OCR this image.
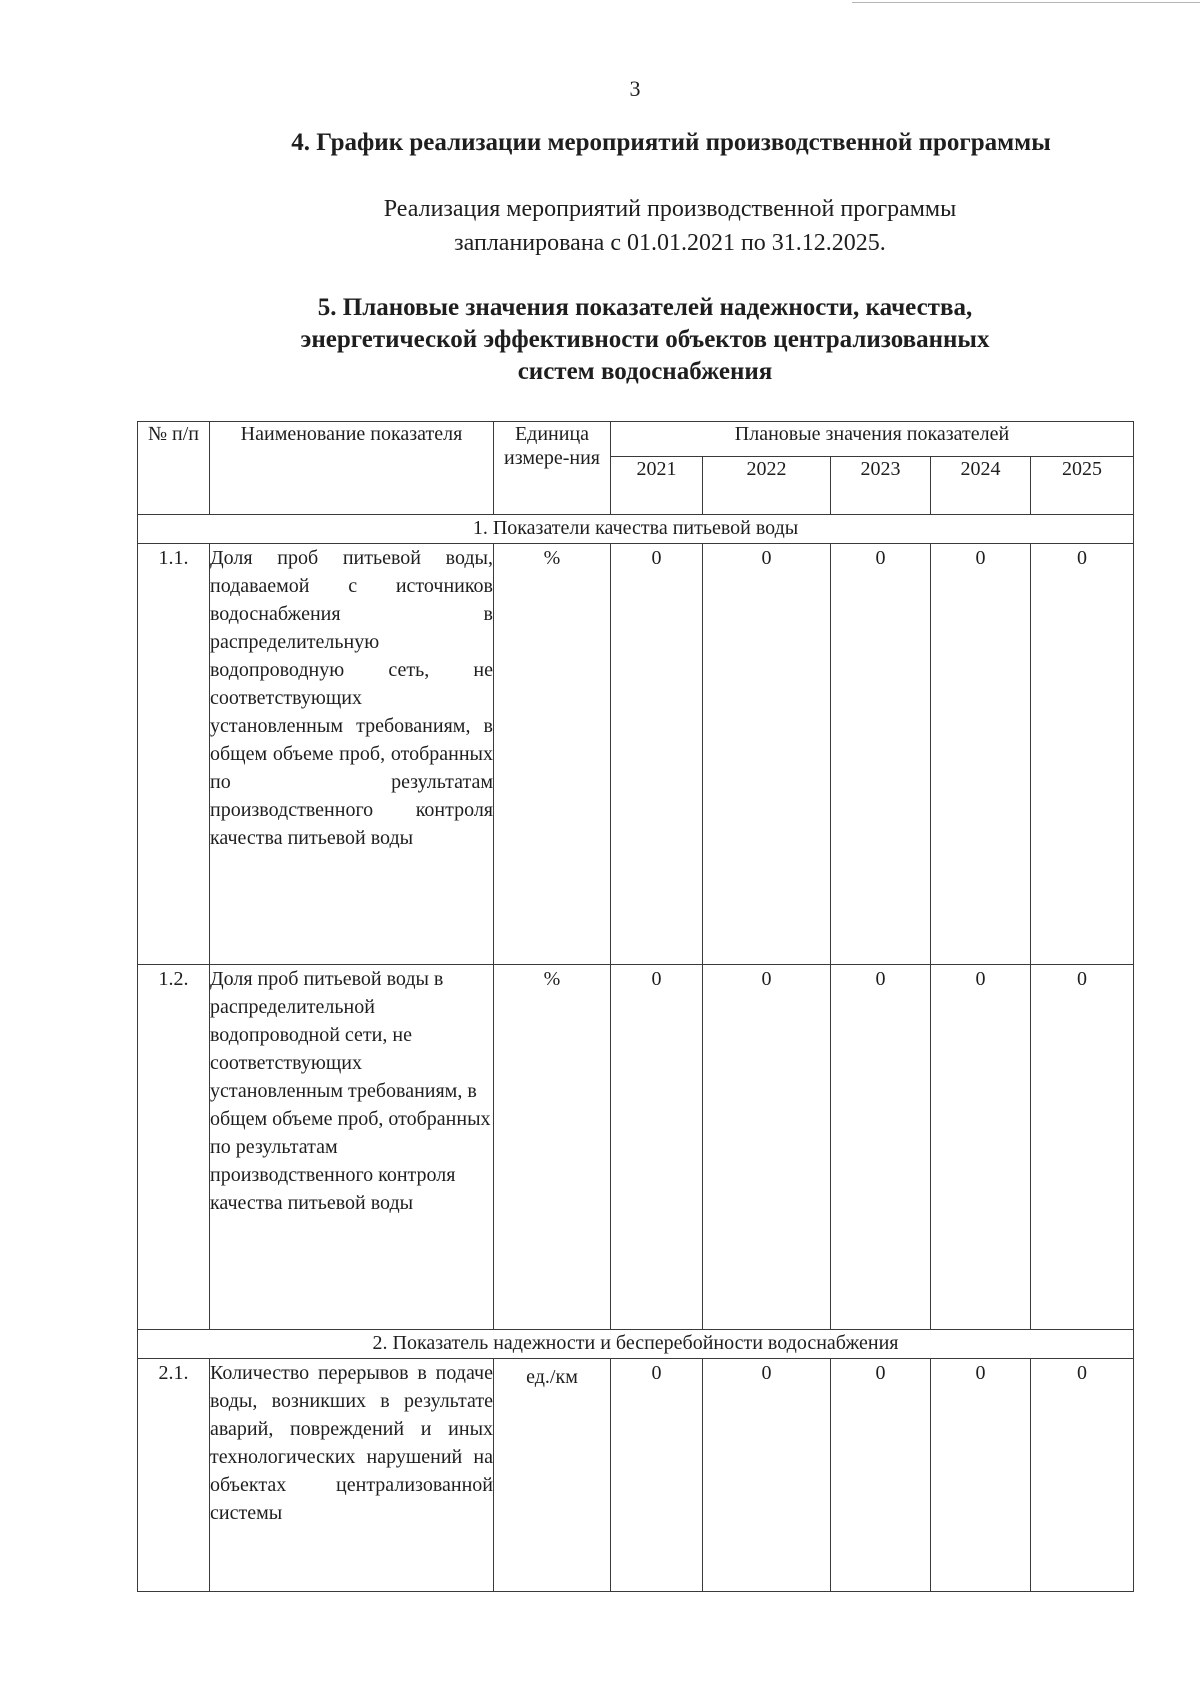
3
4. График реализации мероприятий производственной программы

Реализация мероприятий производственной программы
запланирована с 01.01.2021 по 31.12.2025.

5. Плановые значения показателей надежности, качества,
энергетической эффективности объектов централизованных
систем водоснабжения
№ п/п	Наименование показателя	Единица измере-ния	Плановые значения показателей				
			2021	2022	2023	2024	2025
1. Показатели качества питьевой воды							
1.1.	Доля проб питьевой воды, подаваемой с источников водоснабжения в распределительную водопроводную сеть, не соответствующих установленным требованиям, в общем объеме проб, отобранных по результатам производственного контроля качества питьевой воды	%	0	0	0	0	0
1.2.	Доля проб питьевой воды в распределительной водопроводной сети, не соответствующих установленным требованиям, в общем объеме проб, отобранных по результатам производственного контроля качества питьевой воды	%	0	0	0	0	0
2. Показатель надежности и бесперебойности водоснабжения							
2.1.	Количество перерывов в подаче воды, возникших в результате аварий, повреждений и иных технологических нарушений на объектах централизованной системы	ед./км	0	0	0	0	0
